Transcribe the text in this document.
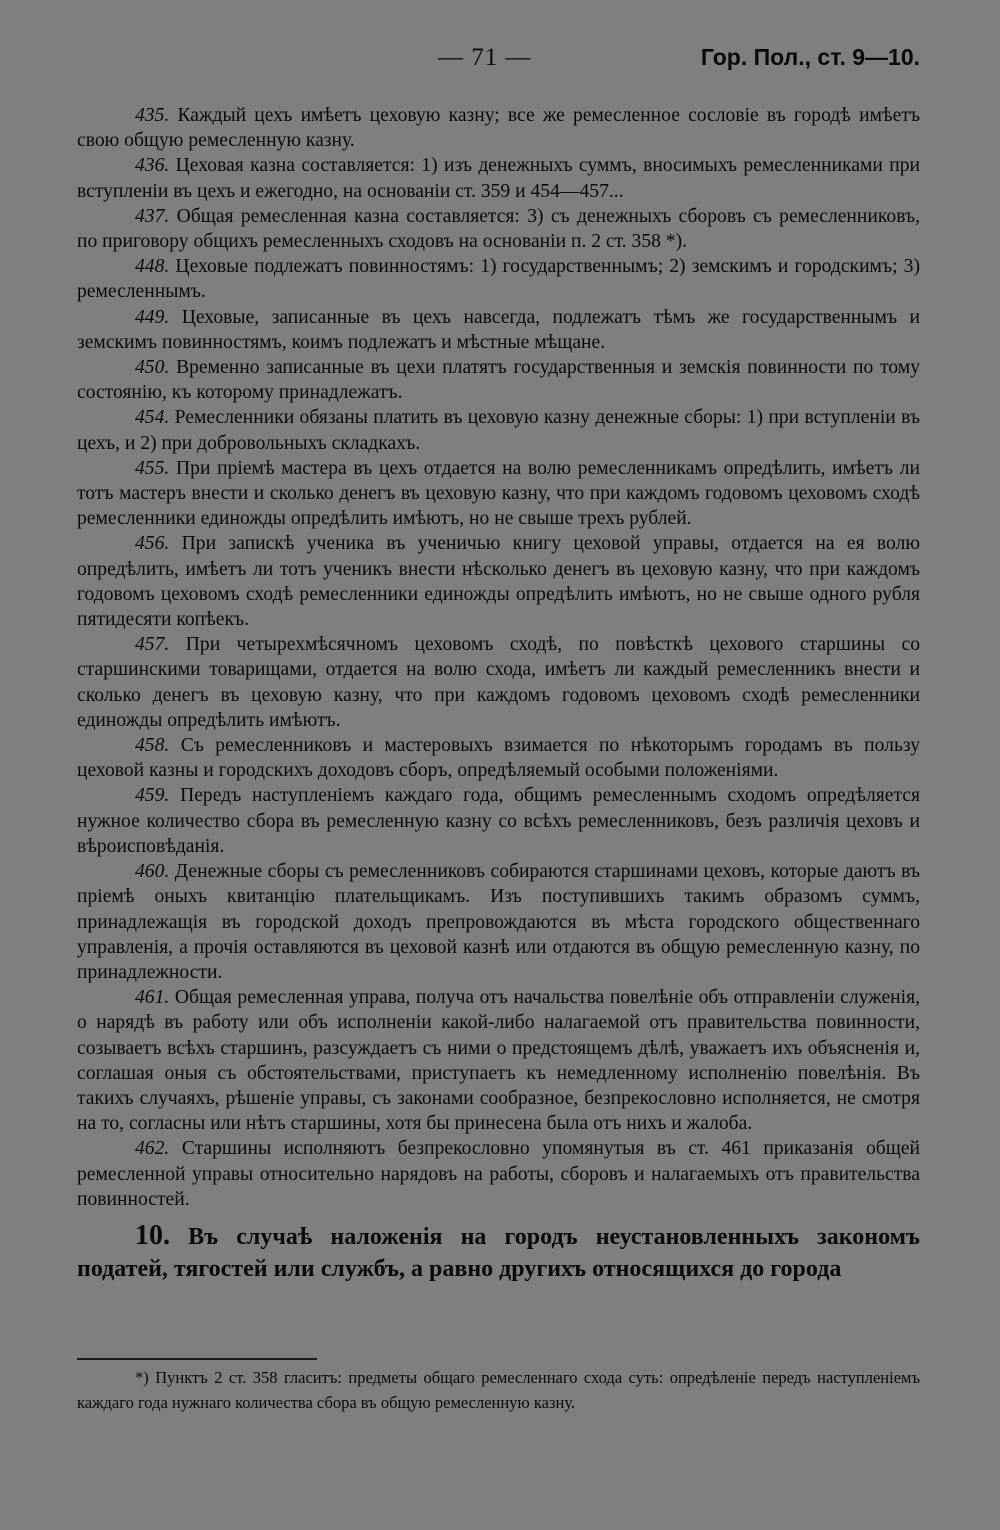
— 71 —	Гор. Пол., ст. 9—10.

435. Каждый цехъ имѣетъ цеховую казну; все же ремесленное сословіе въ городѣ имѣетъ свою общую ремесленную казну.

436. Цеховая казна составляется: 1) изъ денежныхъ суммъ, вносимыхъ ремесленниками при вступленіи въ цехъ и ежегодно, на основаніи ст. 359 и 454—457...

437. Общая ремесленная казна составляется: 3) съ денежныхъ сборовъ съ ремесленниковъ, по приговору общихъ ремесленныхъ сходовъ на основаніи п. 2 ст. 358 *).

448. Цеховые подлежатъ повинностямъ: 1) государственнымъ; 2) земскимъ и городскимъ; 3) ремесленнымъ.

449. Цеховые, записанные въ цехъ навсегда, подлежатъ тѣмъ же государственнымъ и земскимъ повинностямъ, коимъ подлежатъ и мѣстные мѣщане.

450. Временно записанные въ цехи платятъ государственныя и земскія повинности по тому состоянію, къ которому принадлежатъ.

454. Ремесленники обязаны платить въ цеховую казну денежные сборы: 1) при вступленіи въ цехъ, и 2) при добровольныхъ складкахъ.

455. При пріемѣ мастера въ цехъ отдается на волю ремесленникамъ опредѣлить, имѣетъ ли тотъ мастеръ внести и сколько денегъ въ цеховую казну, что при каждомъ годовомъ цеховомъ сходѣ ремесленники единожды опредѣлить имѣютъ, но не свыше трехъ рублей.

456. При запискѣ ученика въ ученичью книгу цеховой управы, отдается на ея волю опредѣлить, имѣетъ ли тотъ ученикъ внести нѣсколько денегъ въ цеховую казну, что при каждомъ годовомъ цеховомъ сходѣ ремесленники единожды опредѣлить имѣютъ, но не свыше одного рубля пятидесяти копѣекъ.

457. При четырехмѣсячномъ цеховомъ сходѣ, по повѣсткѣ цехового старшины со старшинскими товарищами, отдается на волю схода, имѣетъ ли каждый ремесленникъ внести и сколько денегъ въ цеховую казну, что при каждомъ годовомъ цеховомъ сходѣ ремесленники единожды опредѣлить имѣютъ.

458. Съ ремесленниковъ и мастеровыхъ взимается по нѣкоторымъ городамъ въ пользу цеховой казны и городскихъ доходовъ сборъ, опредѣляемый особыми положеніями.

459. Передъ наступленіемъ каждаго года, общимъ ремесленнымъ сходомъ опредѣляется нужное количество сбора въ ремесленную казну со всѣхъ ремесленниковъ, безъ различія цеховъ и вѣроисповѣданія.

460. Денежные сборы съ ремесленниковъ собираются старшинами цеховъ, которые даютъ въ пріемѣ оныхъ квитанцію плательщикамъ. Изъ поступившихъ такимъ образомъ суммъ, принадлежащія въ городской доходъ препровождаются въ мѣста городского общественнаго управленія, а прочія оставляются въ цеховой казнѣ или отдаются въ общую ремесленную казну, по принадлежности.

461. Общая ремесленная управа, получа отъ начальства повелѣніе объ отправленіи служенія, о нарядѣ въ работу или объ исполненіи какой-либо налагаемой отъ правительства повинности, созываетъ всѣхъ старшинъ, разсуждаетъ съ ними о предстоящемъ дѣлѣ, уважаетъ ихъ объясненія и, соглашая оныя съ обстоятельствами, приступаетъ къ немедленному исполненію повелѣнія. Въ такихъ случаяхъ, рѣшеніе управы, съ законами сообразное, безпрекословно исполняется, не смотря на то, согласны или нѣтъ старшины, хотя бы принесена была отъ нихъ и жалоба.

462. Старшины исполняютъ безпрекословно упомянутыя въ ст. 461 приказанія общей ремесленной управы относительно нарядовъ на работы, сборовъ и налагаемыхъ отъ правительства повинностей.

10. Въ случаѣ наложенія на городъ неустановленныхъ закономъ податей, тягостей или службъ, а равно другихъ относящихся до города

*) Пунктъ 2 ст. 358 гласитъ: предметы общаго ремесленнаго схода суть: опредѣленіе передъ наступленіемъ каждаго года нужнаго количества сбора въ общую ремесленную казну.
